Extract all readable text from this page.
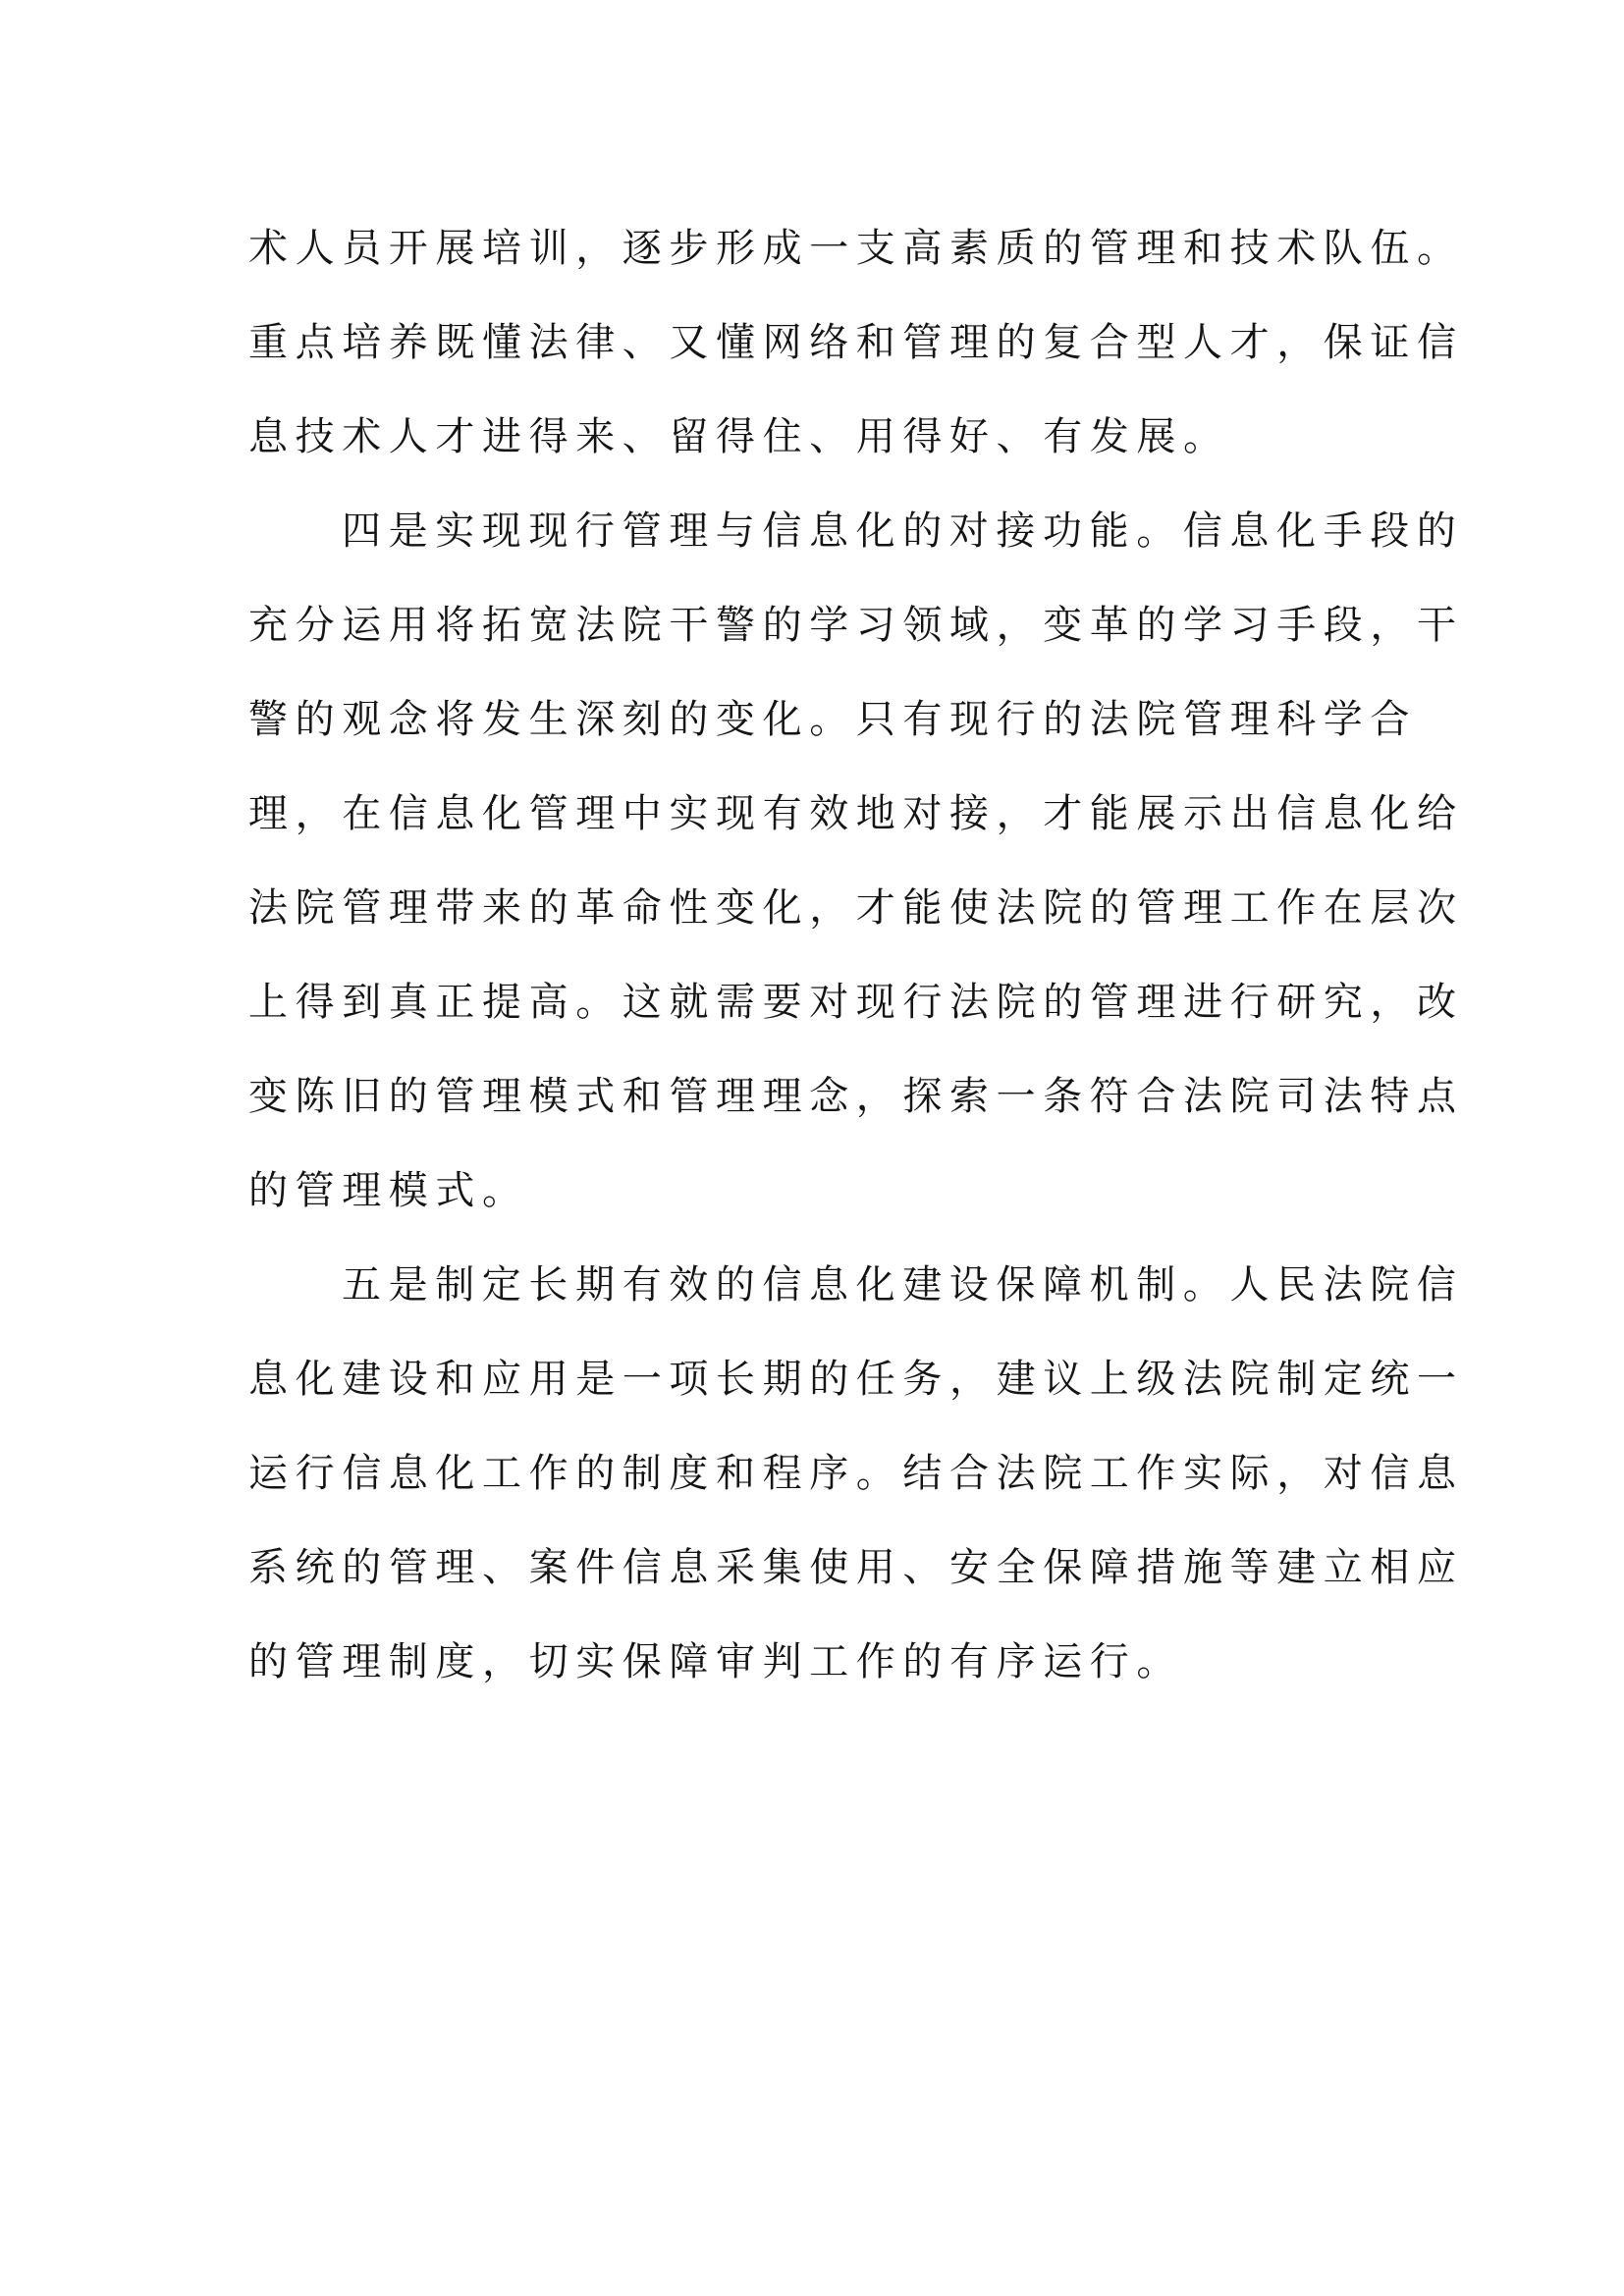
术人员开展培训，逐步形成一支高素质的管理和技术队伍。
重点培养既懂法律、又懂网络和管理的复合型人才，保证信
息技术人才进得来、留得住、用得好、有发展。
四是实现现行管理与信息化的对接功能。信息化手段的
充分运用将拓宽法院干警的学习领域，变革的学习手段，干
警的观念将发生深刻的变化。只有现行的法院管理科学合
理，在信息化管理中实现有效地对接，才能展示出信息化给
法院管理带来的革命性变化，才能使法院的管理工作在层次
上得到真正提高。这就需要对现行法院的管理进行研究，改
变陈旧的管理模式和管理理念，探索一条符合法院司法特点
的管理模式。
五是制定长期有效的信息化建设保障机制。人民法院信
息化建设和应用是一项长期的任务，建议上级法院制定统一
运行信息化工作的制度和程序。结合法院工作实际，对信息
系统的管理、案件信息采集使用、安全保障措施等建立相应
的管理制度，切实保障审判工作的有序运行。
